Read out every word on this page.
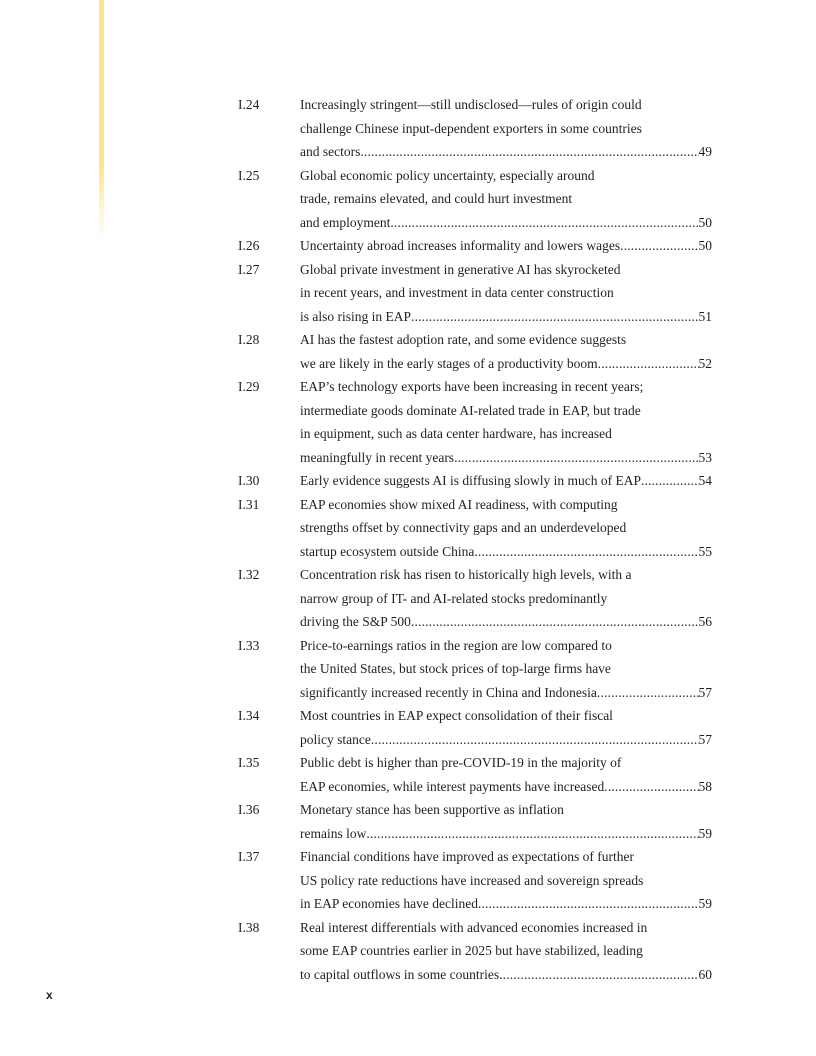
I.24	Increasingly stringent—still undisclosed—rules of origin could
challenge Chinese input-dependent exporters in some countries
and sectors . . .	49
I.25	Global economic policy uncertainty, especially around
trade, remains elevated, and could hurt investment
and employment . . .	50
I.26	Uncertainty abroad increases informality and lowers wages . . .	50
I.27	Global private investment in generative AI has skyrocketed
in recent years, and investment in data center construction
is also rising in EAP . . .	51
I.28	AI has the fastest adoption rate, and some evidence suggests
we are likely in the early stages of a productivity boom . . .	52
I.29	EAP’s technology exports have been increasing in recent years;
intermediate goods dominate AI-related trade in EAP, but trade
in equipment, such as data center hardware, has increased
meaningfully in recent years . . .	53
I.30	Early evidence suggests AI is diffusing slowly in much of EAP . . .	54
I.31	EAP economies show mixed AI readiness, with computing
strengths offset by connectivity gaps and an underdeveloped
startup ecosystem outside China . . .	55
I.32	Concentration risk has risen to historically high levels, with a
narrow group of IT- and AI-related stocks predominantly
driving the S&P 500 . . .	56
I.33	Price-to-earnings ratios in the region are low compared to
the United States, but stock prices of top-large firms have
significantly increased recently in China and Indonesia . . .	57
I.34	Most countries in EAP expect consolidation of their fiscal
policy stance . . .	57
I.35	Public debt is higher than pre-COVID-19 in the majority of
EAP economies, while interest payments have increased . . .	58
I.36	Monetary stance has been supportive as inflation
remains low . . .	59
I.37	Financial conditions have improved as expectations of further
US policy rate reductions have increased and sovereign spreads
in EAP economies have declined . . .	59
I.38	Real interest differentials with advanced economies increased in
some EAP countries earlier in 2025 but have stabilized, leading
to capital outflows in some countries . . .	60
x
